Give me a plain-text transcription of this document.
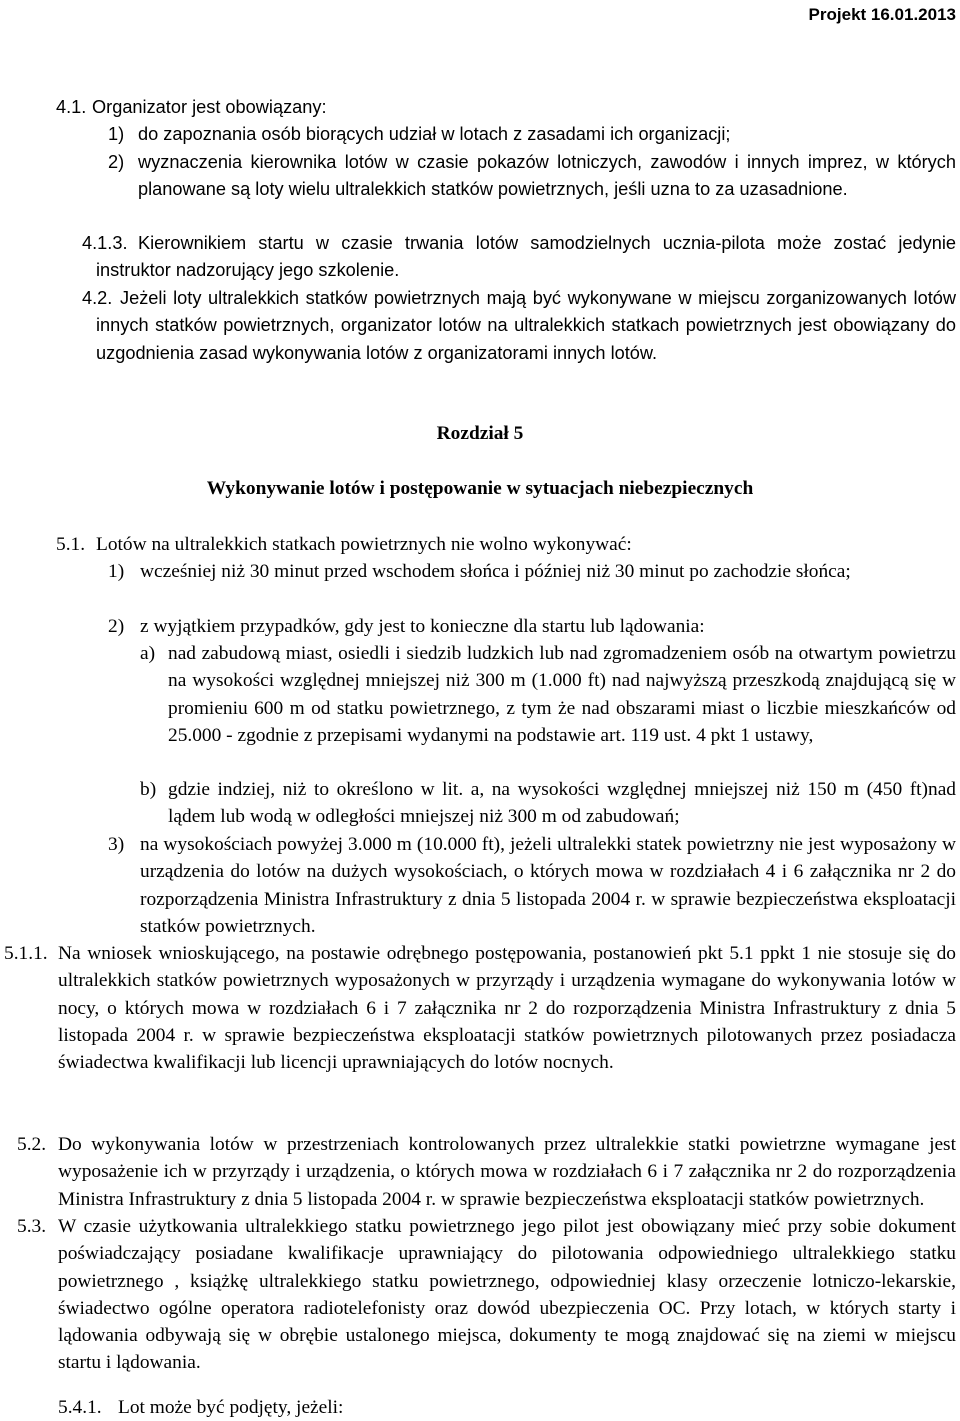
Projekt 16.01.2013
4.1. Organizator jest obowiązany:
1) do zapoznania osób biorących udział w lotach z zasadami ich organizacji;
2) wyznaczenia kierownika lotów w czasie pokazów lotniczych, zawodów i innych imprez, w których planowane są loty wielu ultralekkich statków powietrznych, jeśli uzna to za uzasadnione.
4.1.3. Kierownikiem startu w czasie trwania lotów samodzielnych ucznia-pilota może zostać jedynie instruktor nadzorujący jego szkolenie.
4.2. Jeżeli loty ultralekkich statków powietrznych mają być wykonywane w miejscu zorganizowanych lotów innych statków powietrznych, organizator lotów na ultralekkich statkach powietrznych jest obowiązany do uzgodnienia zasad wykonywania lotów z organizatorami innych lotów.
Rozdział 5
Wykonywanie lotów i postępowanie w sytuacjach niebezpiecznych
5.1. Lotów na ultralekkich statkach powietrznych nie wolno wykonywać:
1) wcześniej niż 30 minut przed wschodem słońca i później niż 30 minut po zachodzie słońca;
2) z wyjątkiem przypadków, gdy jest to konieczne dla startu lub lądowania:
a) nad zabudową miast, osiedli i siedzib ludzkich lub nad zgromadzeniem osób na otwartym powietrzu na wysokości względnej mniejszej niż 300 m (1.000 ft) nad najwyższą przeszkodą znajdującą się w promieniu 600 m od statku powietrznego, z tym że nad obszarami miast o liczbie mieszkańców od 25.000 - zgodnie z przepisami wydanymi na podstawie art. 119 ust. 4 pkt 1 ustawy,
b) gdzie indziej, niż to określono w lit. a, na wysokości względnej mniejszej niż 150 m (450 ft)nad lądem lub wodą w odległości mniejszej niż 300 m od zabudowań;
3) na wysokościach powyżej 3.000 m (10.000 ft), jeżeli ultralekki statek powietrzny nie jest wyposażony w urządzenia do lotów na dużych wysokościach, o których mowa w rozdziałach 4 i 6 załącznika nr 2 do rozporządzenia Ministra Infrastruktury z dnia 5 listopada 2004 r. w sprawie bezpieczeństwa eksploatacji statków powietrznych.
5.1.1. Na wniosek wnioskującego, na postawie odrębnego postępowania, postanowień pkt 5.1 ppkt 1 nie stosuje się do ultralekkich statków powietrznych wyposażonych w przyrządy i urządzenia wymagane do wykonywania lotów w nocy, o których mowa w rozdziałach 6 i 7 załącznika nr 2 do rozporządzenia Ministra Infrastruktury z dnia 5 listopada 2004 r. w sprawie bezpieczeństwa eksploatacji statków powietrznych pilotowanych przez posiadacza świadectwa kwalifikacji lub licencji uprawniających do lotów nocnych.
5.2. Do wykonywania lotów w przestrzeniach kontrolowanych przez ultralekkie statki powietrzne wymagane jest wyposażenie ich w przyrządy i urządzenia, o których mowa w rozdziałach 6 i 7 załącznika nr 2 do rozporządzenia Ministra Infrastruktury z dnia 5 listopada 2004 r. w sprawie bezpieczeństwa eksploatacji statków powietrznych.
5.3. W czasie użytkowania ultralekkiego statku powietrznego jego pilot jest obowiązany mieć przy sobie dokument poświadczający posiadane kwalifikacje uprawniający do pilotowania odpowiedniego ultralekkiego statku powietrznego , książkę ultralekkiego statku powietrznego, odpowiedniej klasy orzeczenie lotniczo-lekarskie, świadectwo ogólne operatora radiotelefonisty oraz dowód ubezpieczenia OC. Przy lotach, w których starty i lądowania odbywają się w obrębie ustalonego miejsca, dokumenty te mogą znajdować się na ziemi w miejscu startu i lądowania.
5.4.1. Lot może być podjęty, jeżeli:
